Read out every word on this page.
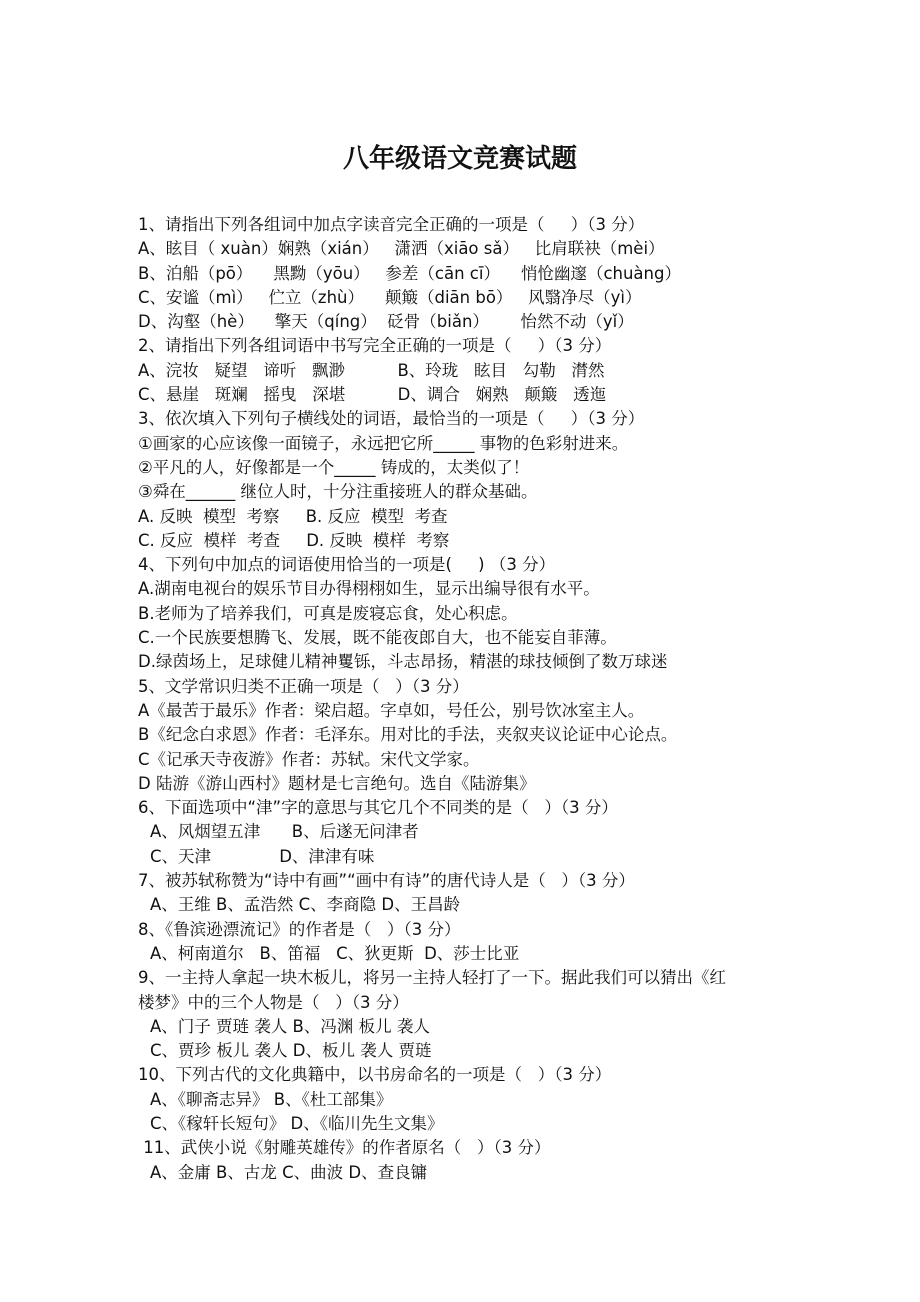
八年级语文竞赛试题
1、请指出下列各组词中加点字读音完全正确的一项是（     ）（3 分）
A、眩目（ xuàn）娴熟（xián）   潇洒（xiāo sǎ）   比肩联袂（mèi）
B、泊船（pō）    黑黝（yōu）   参差（cān cī）    悄怆幽邃（chuàng）
C、安谧（mì）   伫立（zhù）    颠簸（diān bō）   风翳净尽（yì）
D、沟壑（hè）    擎天（qíng）  砭骨（biǎn）      怡然不动（yǐ）
2、请指出下列各组词语中书写完全正确的一项是（     ）（3 分）
A、浣妆   疑望   谛听   飘渺          B、玲珑   眩目   勾勒   潸然
C、悬崖   斑斓   摇曳   深堪          D、调合   娴熟   颠簸   透迤
3、依次填入下列句子横线处的词语，最恰当的一项是（     ）（3 分）
①画家的心应该像一面镜子，永远把它所_____ 事物的色彩射进来。
②平凡的人，好像都是一个_____ 铸成的，太类似了！
③舜在______ 继位人时，十分注重接班人的群众基础。
A. 反映  模型  考察     B. 反应  模型  考查
C. 反应  模样  考查     D. 反映  模样  考察
4、下列句中加点的词语使用恰当的一项是(     ) （3 分）
A.湖南电视台的娱乐节目办得栩栩如生，显示出编导很有水平。
B.老师为了培养我们，可真是废寝忘食，处心积虑。
C.一个民族要想腾飞、发展，既不能夜郎自大，也不能妄自菲薄。
D.绿茵场上，足球健儿精神矍铄，斗志昂扬，精湛的球技倾倒了数万球迷
5、文学常识归类不正确一项是（   ）（3 分）
A《最苦于最乐》作者：梁启超。字卓如，号任公，别号饮冰室主人。
B《纪念白求恩》作者：毛泽东。用对比的手法，夹叙夹议论证中心论点。
C《记承天寺夜游》作者：苏轼。宋代文学家。
D 陆游《游山西村》题材是七言绝句。选自《陆游集》
6、下面选项中“津”字的意思与其它几个不同类的是（   ）（3 分）
A、风烟望五津      B、后遂无问津者
C、天津             D、津津有味
7、被苏轼称赞为“诗中有画”“画中有诗”的唐代诗人是（   ）（3 分）
A、王维 B、孟浩然 C、李商隐 D、王昌龄
8、《鲁滨逊漂流记》的作者是（   ）（3 分）
A、柯南道尔   B、笛福   C、狄更斯  D、莎士比亚
9、一主持人拿起一块木板儿，将另一主持人轻打了一下。据此我们可以猜出《红
楼梦》中的三个人物是（   ）（3 分）
A、门子 贾琏 袭人 B、冯渊 板儿 袭人
C、贾珍 板儿 袭人 D、板儿 袭人 贾琏
10、下列古代的文化典籍中，以书房命名的一项是（   ）（3 分）
A、《聊斋志异》 B、《杜工部集》
C、《稼轩长短句》 D、《临川先生文集》
11、武侠小说《射雕英雄传》的作者原名（   ）（3 分）
A、金庸 B、古龙 C、曲波 D、查良镛
